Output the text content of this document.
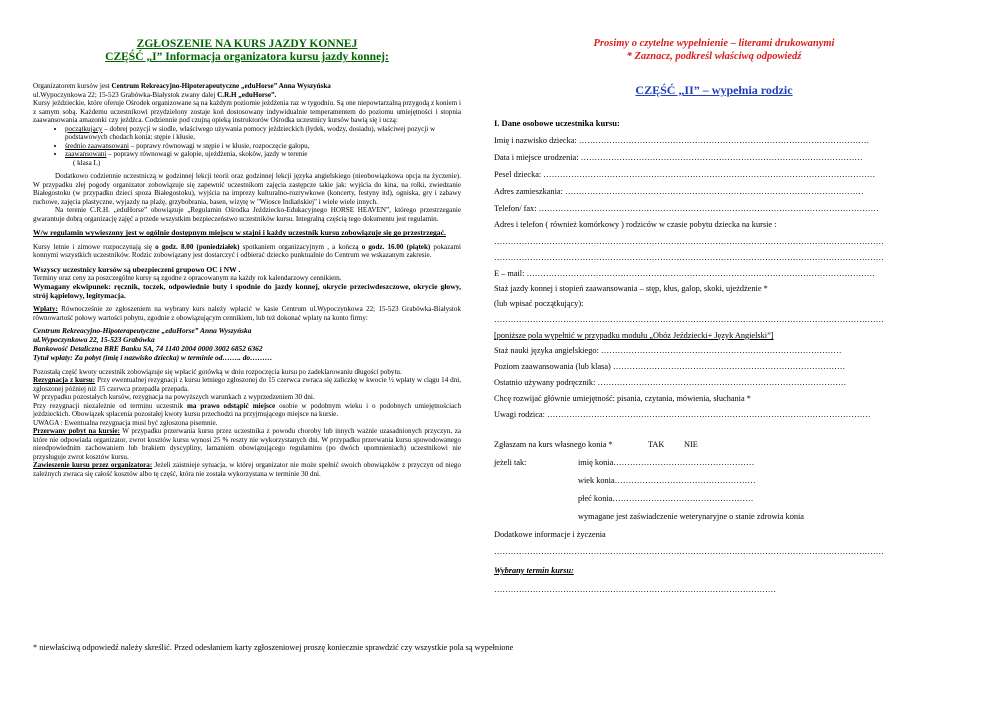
ZGŁOSZENIE NA KURS JAZDY KONNEJ
CZĘŚĆ „I” Informacja organizatora kursu jazdy konnej:

Organizatorem kursów jest Centrum Rekreacyjno-Hipoterapeutyczne „eduHorse” Anna Wyszyńska

ul.Wypoczynkowa 22; 15-523 Grabówka-Białystok zwany dalej C.R.H „eduHorse”.

Kursy jeździeckie, które oferuje Ośrodek organizowane są na każdym poziomie jeżdżenia raz w tygodniu. Są one niepowtarzalną przygodą z koniem i z samym sobą. Każdemu uczestnikowi przydzielony zostaje koń dostosowany indywidualnie temperamentem do poziomu umiejętności i stopnia zaawansowania amazonki czy jeźdźca. Codziennie pod czujną opieką instruktorów Ośrodka uczestnicy kursów bawią się i uczą:

• początkujący – dobrej pozycji w siodle, właściwego używania pomocy jeździeckich (łydek, wodzy, dosiadu), właściwej pozycji w podstawowych chodach konia: stępie i kłusie,
• średnio zaawansowani – poprawy równowagi w stępie i w kłusie, rozpoczęcie galopu,
• zaawansowani – poprawy równowagi w galopie, ujeżdżenia, skoków, jazdy w terenie

( klasa L)

Dodatkowo codziennie uczestniczą w godzinnej lekcji teorii oraz godzinnej lekcji języka angielskiego (nieobowiązkowa opcja na życzenie). W przypadku złej pogody organizator zobowiązuje się zapewnić uczestnikom zajęcia zastępcze takie jak: wyjścia do kina, na rolki, zwiedzanie Białegostoku (w przypadku dzieci spoza Białegostoku), wyjścia na imprezy kulturalno-rozrywkowe (koncerty, festyny itd), ogniska, gry i zabawy ruchowe, zajęcia plastyczne, wyjazdy na plażę, grzybobrania, basen, wizytę w "Wiosce Indiańskiej" i wiele wiele innych.

Na terenie C.R.H. „eduHorse” obowiązuje „Regulamin Ośrodka Jeździecko-Edukacyjnego HORSE HEAVEN”, którego przestrzeganie gwarantuje dobrą organizację zajęć a przede wszystkim bezpieczeństwo uczestników kursu. Integralną częścią tego dokumentu jest regulamin.

W/w regulamin wywieszony jest w ogólnie dostępnym miejscu w stajni i każdy uczestnik kursu zobowiązuje się go przestrzegać.

Kursy letnie i zimowe rozpoczynają się o godz. 8.00 (poniedziałek) spotkaniem organizacyjnym , a kończą o godz. 16.00 (piątek) pokazami konnymi wszystkich uczestników. Rodzic zobowiązany jest dostarczyć i odbierać dziecko punktualnie do Centrum we wskazanym zakresie.

Wszyscy uczestnicy kursów są ubezpieczeni grupowo OC i NW .

Terminy oraz ceny za poszczególne kursy są zgodne z opracowanym na każdy rok kalendarzowy cennikiem.

Wymagany ekwipunek: ręcznik, toczek, odpowiednie buty i spodnie do jazdy konnej, okrycie przeciwdeszczowe, okrycie głowy, strój kąpielowy, legitymacja.

Wpłaty: Równocześnie ze zgłoszeniem na wybrany kurs należy wpłacić w kasie Centrum ul.Wypoczynkowa 22; 15-523 Grabówka-Białystok równowartość połowy wartości pobytu, zgodnie z obowiązującym cennikiem, lub też dokonać wpłaty na konto firmy:

Centrum Rekreacyjno-Hipoterapeutyczne „eduHorse” Anna Wyszyńska

ul.Wypoczynkowa 22, 15-523 Grabówka

Bankowość Detaliczna BRE Banku SA, 74 1140 2004 0000 3002 6852 6362

Tytuł wpłaty: Za pobyt (imię i nazwisko dziecka) w terminie od…….. do………

Pozostałą część kwoty uczestnik zobowiązuje się wpłacić gotówką w dniu rozpoczęcia kursu po zadeklarowaniu długości pobytu.

Rezygnacja z kursu: Przy ewentualnej rezygnacji z kursu letniego zgłoszonej do 15 czerwca zwraca się zaliczkę w kwocie ½ wpłaty w ciągu 14 dni, zgłoszonej później niż 15 czerwca przepadła przepada.

W przypadku pozostałych kursów, rezygnacja na powyższych warunkach z wyprzedzeniem 30 dni.

Przy rezygnacji niezależnie od terminu uczestnik ma prawo odstąpić miejsce osobie w podobnym wieku i o podobnych umiejętnościach jeździeckich. Obowiązek spłacenia pozostałej kwoty kursu przechodzi na przyjmującego miejsce na kursie.

UWAGA : Ewentualna rezygnacja musi być zgłoszona pisemnie.

Przerwany pobyt na kursie: W przypadku przerwania kursu przez uczestnika z powodu choroby lub innych ważnie uzasadnionych przyczyn, za które nie odpowiada organizator, zwrot kosztów kursu wynosi 25 % reszty nie wykorzystanych dni. W przypadku przerwania kursu spowodowanego nieodpowiednim zachowaniem lub brakiem dyscypliny, łamaniem obowiązującego regulaminu (po dwóch upomnieniach) uczestnikowi nie przysługuje zwrot kosztów kursu.

Zawieszenie kursu przez organizatora: Jeżeli zaistnieje sytuacja, w której organizator nie może spełnić swoich obowiązków z przyczyn od niego zależnych zwraca się całość kosztów albo tę część, która nie została wykorzystana w terminie 30 dni.

Prosimy o czytelne wypełnienie – literami drukowanymi
* Zaznacz, podkreśl właściwą odpowiedź
CZĘŚĆ „II” – wypełnia rodzic
I. Dane osobowe uczestnika kursu:
Imię i nazwisko dziecka: ……………………………………………………………………………………………
Data i miejsce urodzenia: …………………………………………………………………………………………
Pesel dziecka: …………………………………………………………………………………………………………
Adres zamieszkania: ………………………………………………………………………………………………
Telefon/ fax: ……………………………………………………………………………………………………………
Adres i telefon ( również komórkowy ) rodziców w czasie pobytu dziecka na kursie :
……………………………………………………………………………………………………………………………
……………………………………………………………………………………………………………………………
E – mail: ………………………………………………………………………………………………………………
Staż jazdy konnej i stopień zaawansowania – stęp, kłus, galop, skoki, ujeżdżenie *
(lub wpisać początkujący):
……………………………………………………………………………………………………………………………
[poniższe pola wypełnić w przypadku modułu „Obóz Jeździecki+ Język Angielski”]
Staż nauki języka angielskiego: ……………………………………………………………………………
Poziom zaawansowania (lub klasa) …………………………………………………………………………
Ostatnio używany podręcznik: ………………………………………………………………………………
Chcę rozwijać głównie umiejętność: pisania, czytania, mówienia, słuchania *
Uwagi rodzica: ………………………………………………………………………………………………………
Zgłaszam na kurs własnego konia *	TAK NIE
jeżeli tak:	imię konia……………………………………………
wiek konia……………………………………………
płeć konia……………………………………………
wymagane jest zaświadczenie weterynaryjne o stanie zdrowia konia
Dodatkowe informacje i życzenia
……………………………………………………………………………………………………………………………
* niewłaściwą odpowiedź należy skreślić. Przed odesłaniem karty zgłoszeniowej proszę koniecznie sprawdzić czy wszystkie pola są wypełnione
Wybrany termin kursu:
…………………………………………………………………………………………
